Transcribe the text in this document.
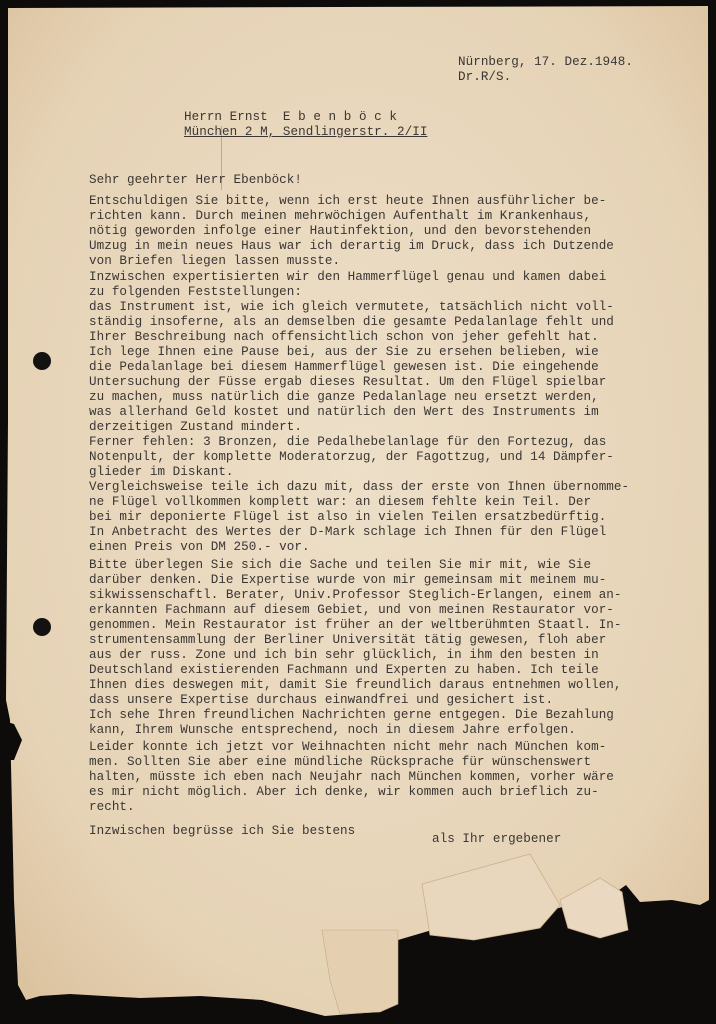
Nürnberg, 17. Dez.1948.
Dr.R/S.
Herrn Ernst  E b e n b ö c k
München 2 M, Sendlingerstr. 2/II
Sehr geehrter Herr Ebenböck!
Entschuldigen Sie bitte, wenn ich erst heute Ihnen ausführlicher be-
richten kann. Durch meinen mehrwöchigen Aufenthalt im Krankenhaus,
nötig geworden infolge einer Hautinfektion, und den bevorstehenden
Umzug in mein neues Haus war ich derartig im Druck, dass ich Dutzende
von Briefen liegen lassen musste.
Inzwischen expertisierten wir den Hammerflügel genau und kamen dabei
zu folgenden Feststellungen:
das Instrument ist, wie ich gleich vermutete, tatsächlich nicht voll-
ständig insoferne, als an demselben die gesamte Pedalanlage fehlt und
Ihrer Beschreibung nach offensichtlich schon von jeher gefehlt hat.
Ich lege Ihnen eine Pause bei, aus der Sie zu ersehen belieben, wie
die Pedalanlage bei diesem Hammerflügel gewesen ist. Die eingehende
Untersuchung der Füsse ergab dieses Resultat. Um den Flügel spielbar
zu machen, muss natürlich die ganze Pedalanlage neu ersetzt werden,
was allerhand Geld kostet und natürlich den Wert des Instruments im
derzeitigen Zustand mindert.
Ferner fehlen: 3 Bronzen, die Pedalhebelanlage für den Fortezug, das
Notenpult, der komplette Moderatorzug, der Fagottzug, und 14 Dämpfer-
glieder im Diskant.
Vergleichsweise teile ich dazu mit, dass der erste von Ihnen übernomme-
ne Flügel vollkommen komplett war: an diesem fehlte kein Teil. Der
bei mir deponierte Flügel ist also in vielen Teilen ersatzbedürftig.
In Anbetracht des Wertes der D-Mark schlage ich Ihnen für den Flügel
einen Preis von DM 250.- vor.
Bitte überlegen Sie sich die Sache und teilen Sie mir mit, wie Sie
darüber denken. Die Expertise wurde von mir gemeinsam mit meinem mu-
sikwissenschaftl. Berater, Univ.Professor Steglich-Erlangen, einem an-
erkannten Fachmann auf diesem Gebiet, und von meinen Restaurator vor-
genommen. Mein Restaurator ist früher an der weltberühmten Staatl. In-
strumentensammlung der Berliner Universität tätig gewesen, floh aber
aus der russ. Zone und ich bin sehr glücklich, in ihm den besten in
Deutschland existierenden Fachmann und Experten zu haben. Ich teile
Ihnen dies deswegen mit, damit Sie freundlich daraus entnehmen wollen,
dass unsere Expertise durchaus einwandfrei und gesichert ist.
Ich sehe Ihren freundlichen Nachrichten gerne entgegen. Die Bezahlung
kann, Ihrem Wunsche entsprechend, noch in diesem Jahre erfolgen.
Leider konnte ich jetzt vor Weihnachten nicht mehr nach München kom-
men. Sollten Sie aber eine mündliche Rücksprache für wünschenswert
halten, müsste ich eben nach Neujahr nach München kommen, vorher wäre
es mir nicht möglich. Aber ich denke, wir kommen auch brieflich zu-
recht.
Inzwischen begrüsse ich Sie bestens
als Ihr ergebener
